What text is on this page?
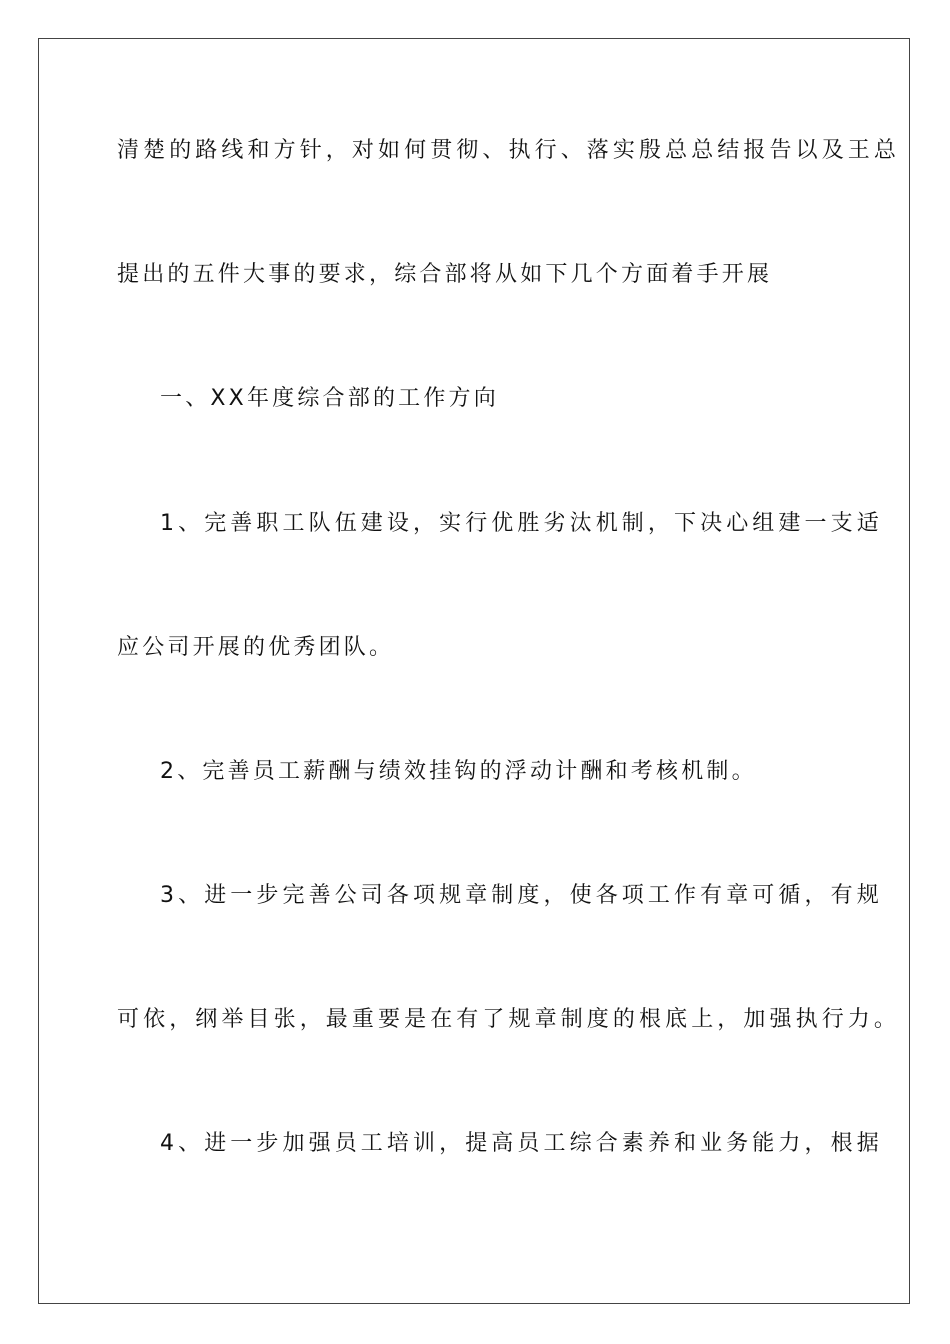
清楚的路线和方针，对如何贯彻、执行、落实殷总总结报告以及王总
提出的五件大事的要求，综合部将从如下几个方面着手开展
一、XX年度综合部的工作方向
1、完善职工队伍建设，实行优胜劣汰机制，下决心组建一支适
应公司开展的优秀团队。
2、完善员工薪酬与绩效挂钩的浮动计酬和考核机制。
3、进一步完善公司各项规章制度，使各项工作有章可循，有规
可依，纲举目张，最重要是在有了规章制度的根底上，加强执行力。
4、进一步加强员工培训，提高员工综合素养和业务能力，根据
